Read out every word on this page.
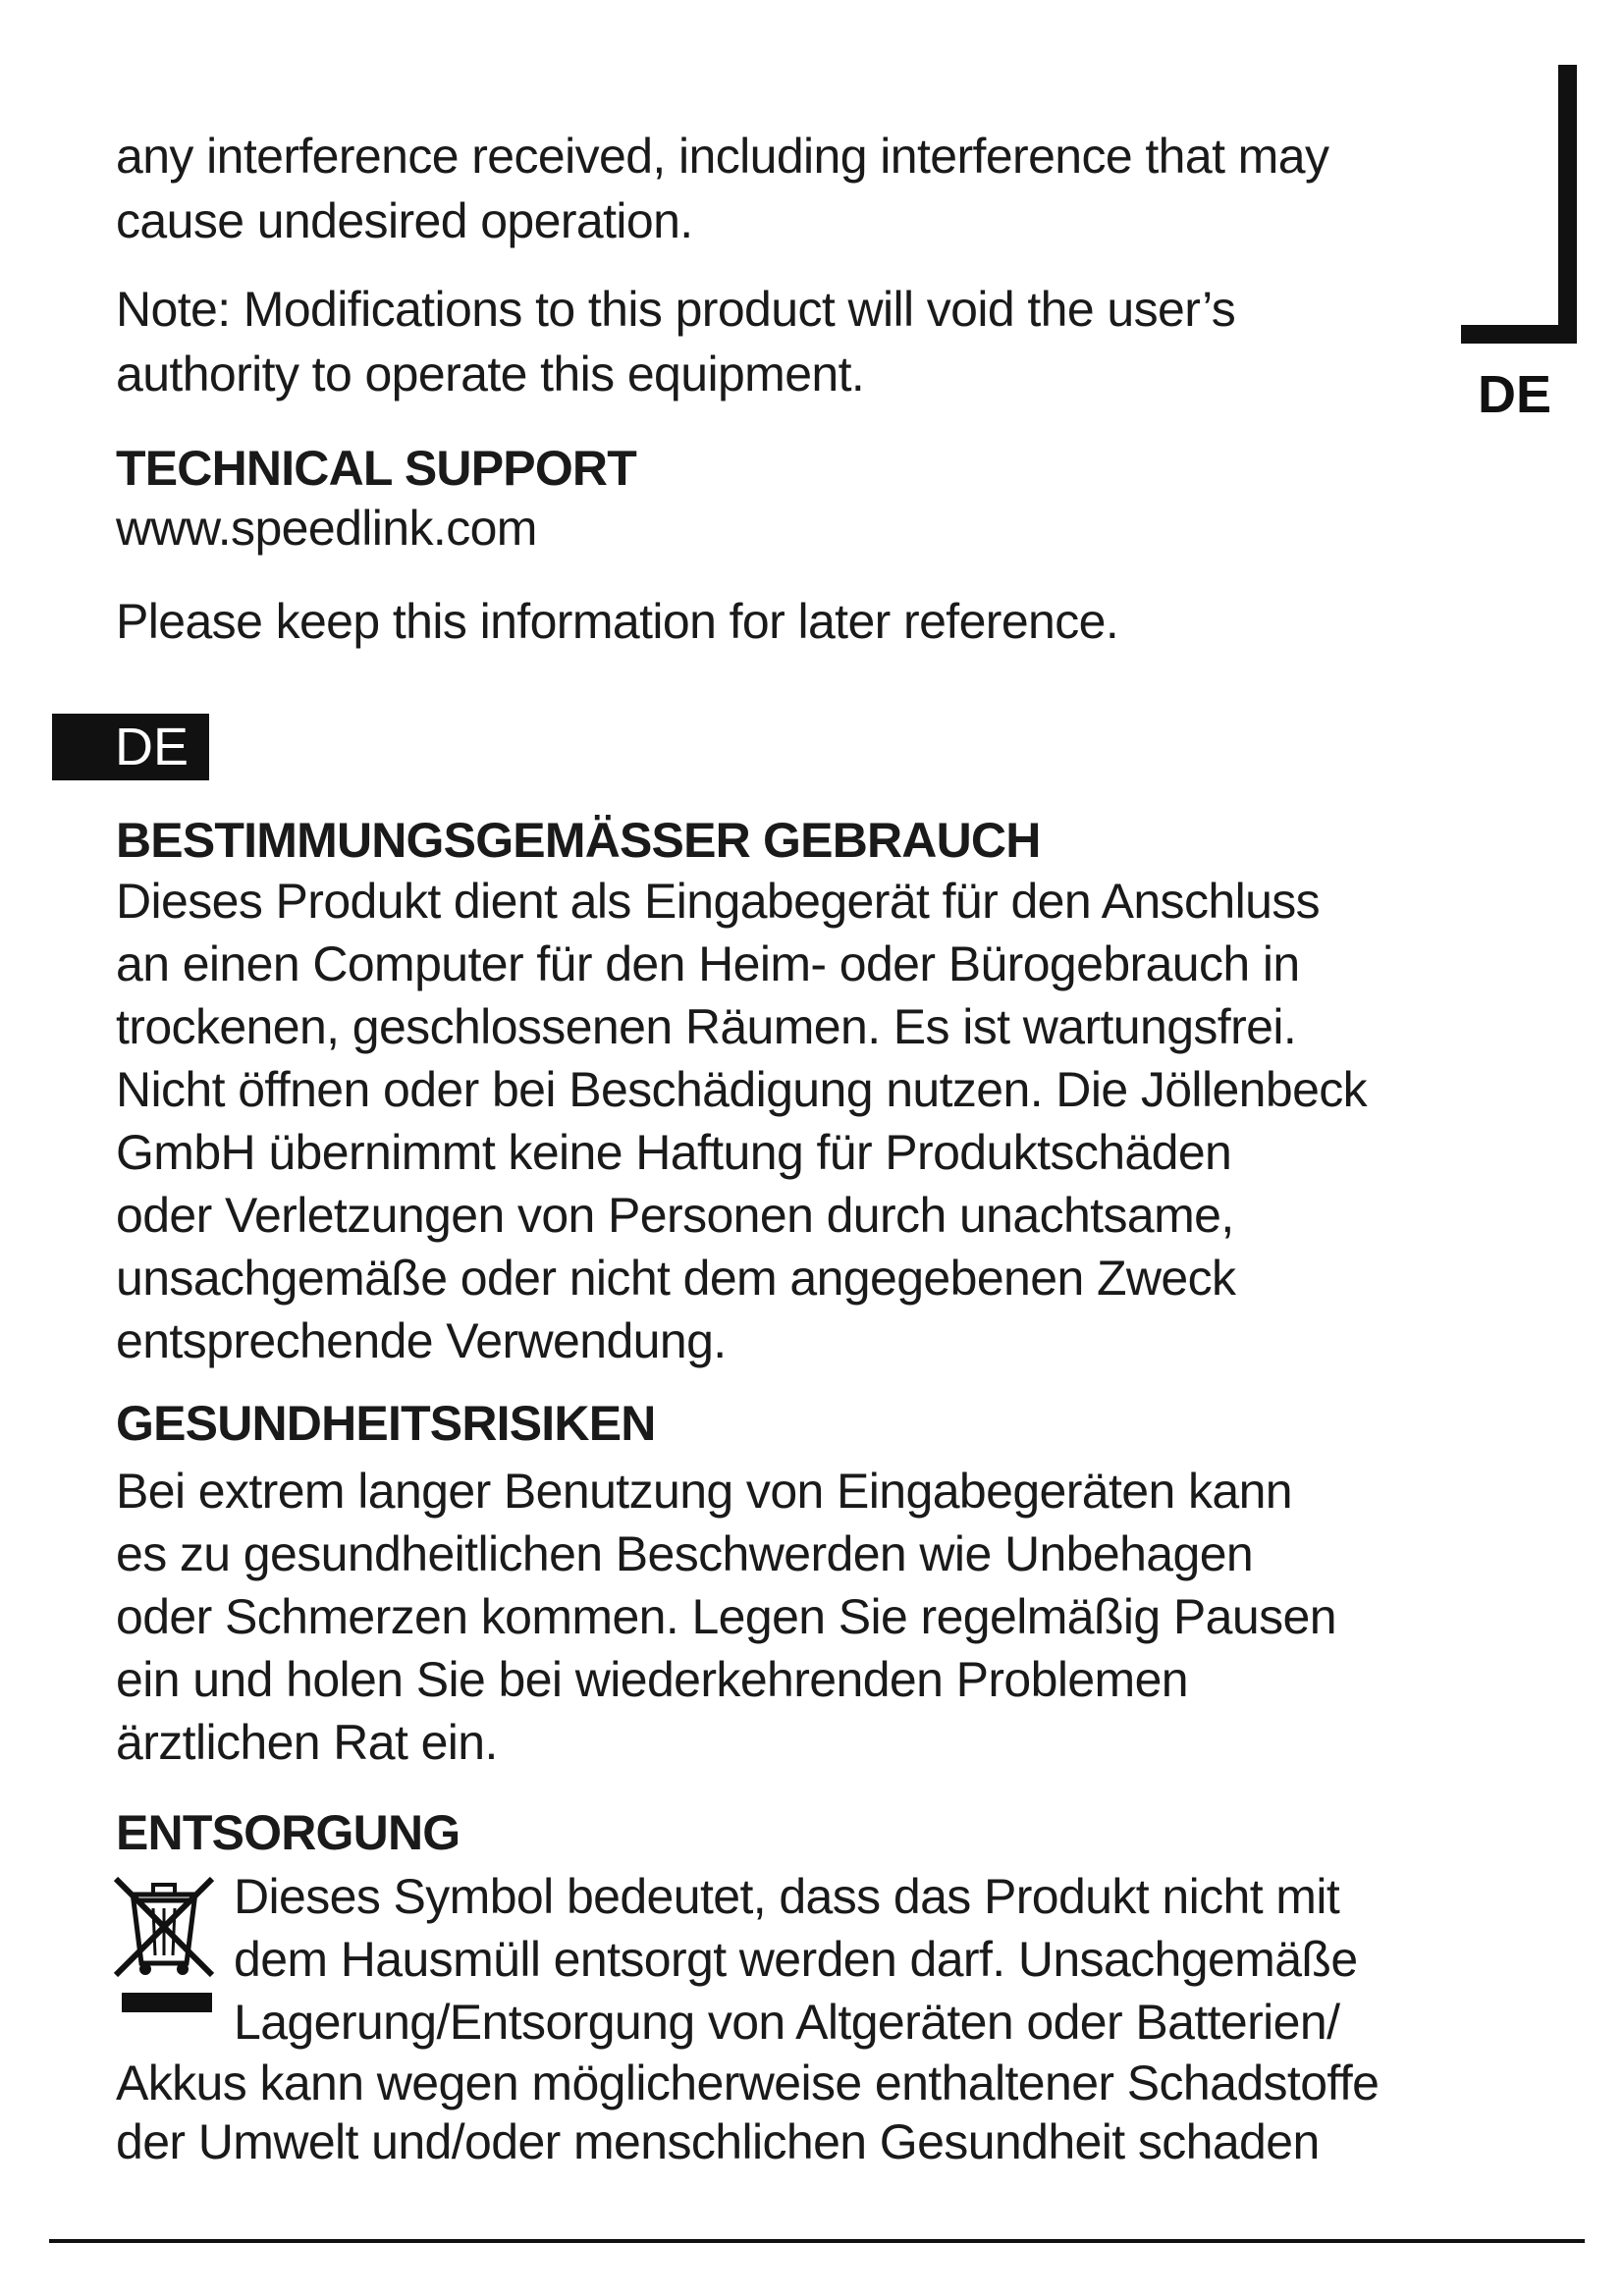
DE

any interference received, including interference that may
cause undesired operation.

Note: Modifications to this product will void the user’s
authority to operate this equipment.

TECHNICAL SUPPORT

www.speedlink.com

Please keep this information for later reference.

DE
BESTIMMUNGSGEMÄSSER GEBRAUCH

Dieses Produkt dient als Eingabegerät für den Anschluss
an einen Computer für den Heim- oder Bürogebrauch in
trockenen, geschlossenen Räumen. Es ist wartungsfrei.
Nicht öffnen oder bei Beschädigung nutzen. Die Jöllenbeck
GmbH übernimmt keine Haftung für Produktschäden
oder Verletzungen von Personen durch unachtsame,
unsachgemäße oder nicht dem angegebenen Zweck
entsprechende Verwendung.

GESUNDHEITSRISIKEN

Bei extrem langer Benutzung von Eingabegeräten kann
es zu gesundheitlichen Beschwerden wie Unbehagen
oder Schmerzen kommen. Legen Sie regelmäßig Pausen
ein und holen Sie bei wiederkehrenden Problemen
ärztlichen Rat ein.

ENTSORGUNG

Dieses Symbol bedeutet, dass das Produkt nicht mit
dem Hausmüll entsorgt werden darf. Unsachgemäße
Lagerung/Entsorgung von Altgeräten oder Batterien/

Akkus kann wegen möglicherweise enthaltener Schadstoffe
der Umwelt und/oder menschlichen Gesundheit schaden
